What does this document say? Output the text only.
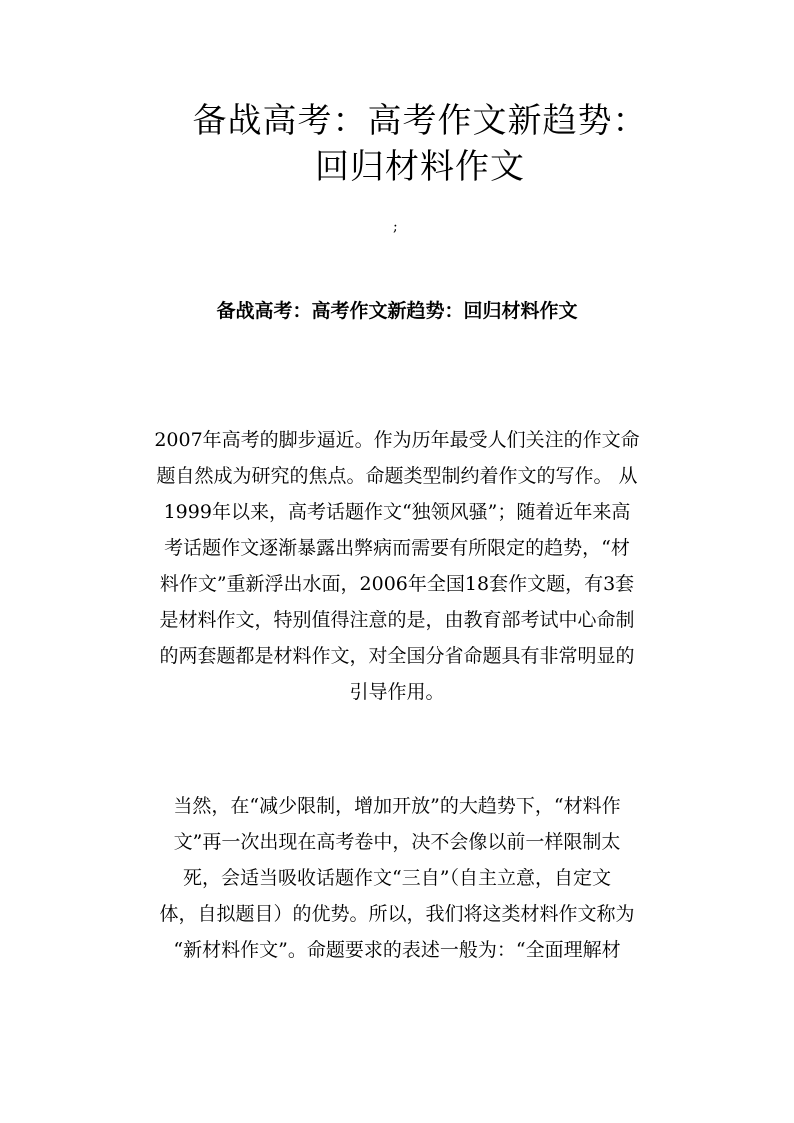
备战高考：高考作文新趋势：
回归材料作文
;
备战高考：高考作文新趋势：回归材料作文

2007年高考的脚步逼近。作为历年最受人们关注的作文命
题自然成为研究的焦点。命题类型制约着作文的写作。 从
1999年以来，高考话题作文“独领风骚”；随着近年来高
考话题作文逐渐暴露出弊病而需要有所限定的趋势，“材
料作文”重新浮出水面，2006年全国18套作文题，有3套
是材料作文，特别值得注意的是，由教育部考试中心命制
的两套题都是材料作文，对全国分省命题具有非常明显的
引导作用。

当然，在“减少限制，增加开放”的大趋势下，“材料作
文”再一次出现在高考卷中，决不会像以前一样限制太
死，会适当吸收话题作文“三自”（自主立意，自定文
体，自拟题目）的优势。所以，我们将这类材料作文称为
“新材料作文”。命题要求的表述一般为：“全面理解材
